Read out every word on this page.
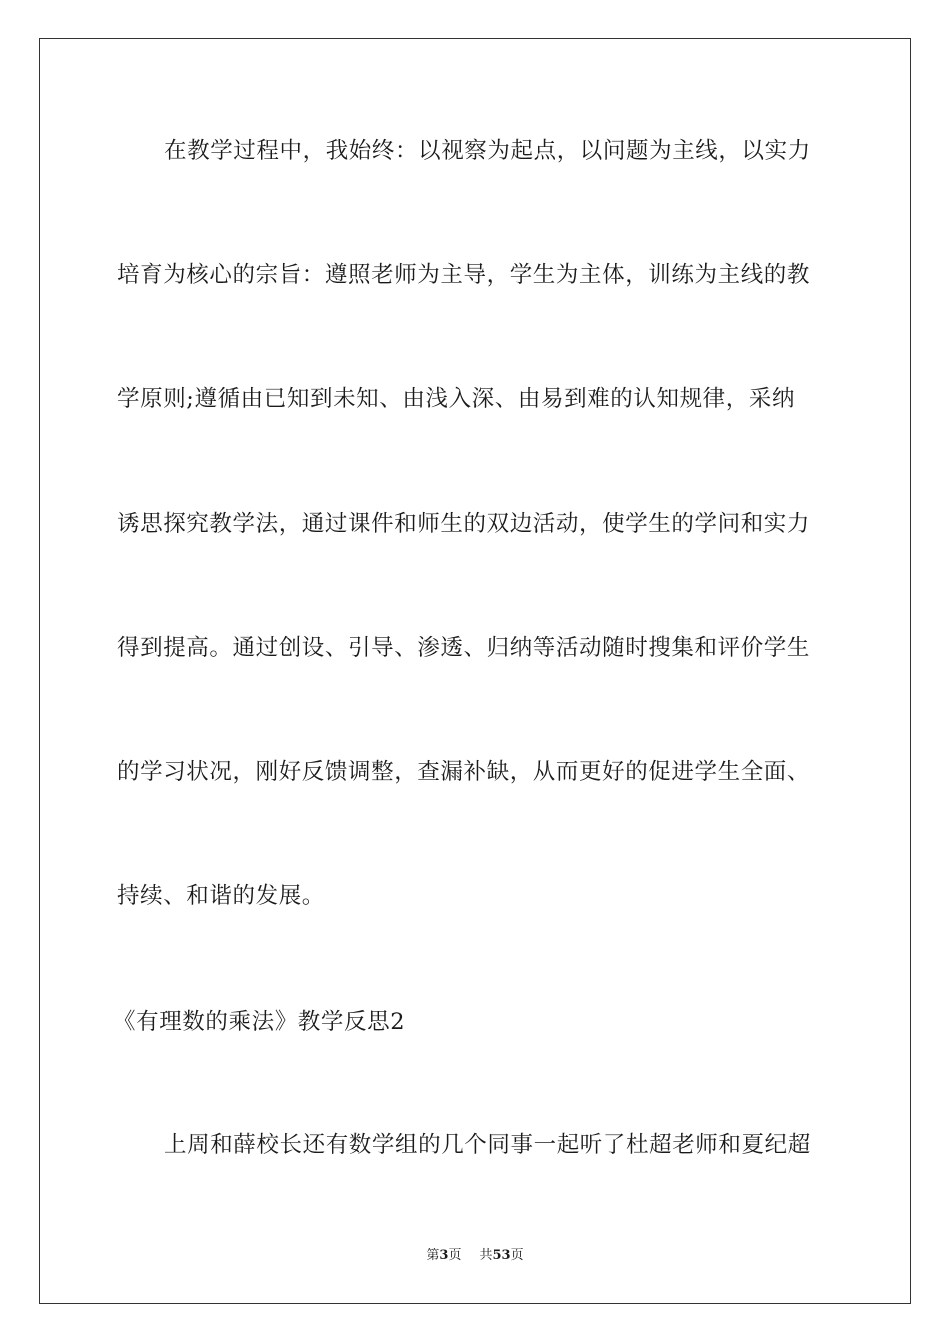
在教学过程中，我始终：以视察为起点，以问题为主线，以实力
培育为核心的宗旨：遵照老师为主导，学生为主体，训练为主线的教
学原则;遵循由已知到未知、由浅入深、由易到难的认知规律，采纳
诱思探究教学法，通过课件和师生的双边活动，使学生的学问和实力
得到提高。通过创设、引导、渗透、归纳等活动随时搜集和评价学生
的学习状况，刚好反馈调整，查漏补缺，从而更好的促进学生全面、
持续、和谐的发展。
《有理数的乘法》教学反思2
上周和薛校长还有数学组的几个同事一起听了杜超老师和夏纪超
第3页 共53页
